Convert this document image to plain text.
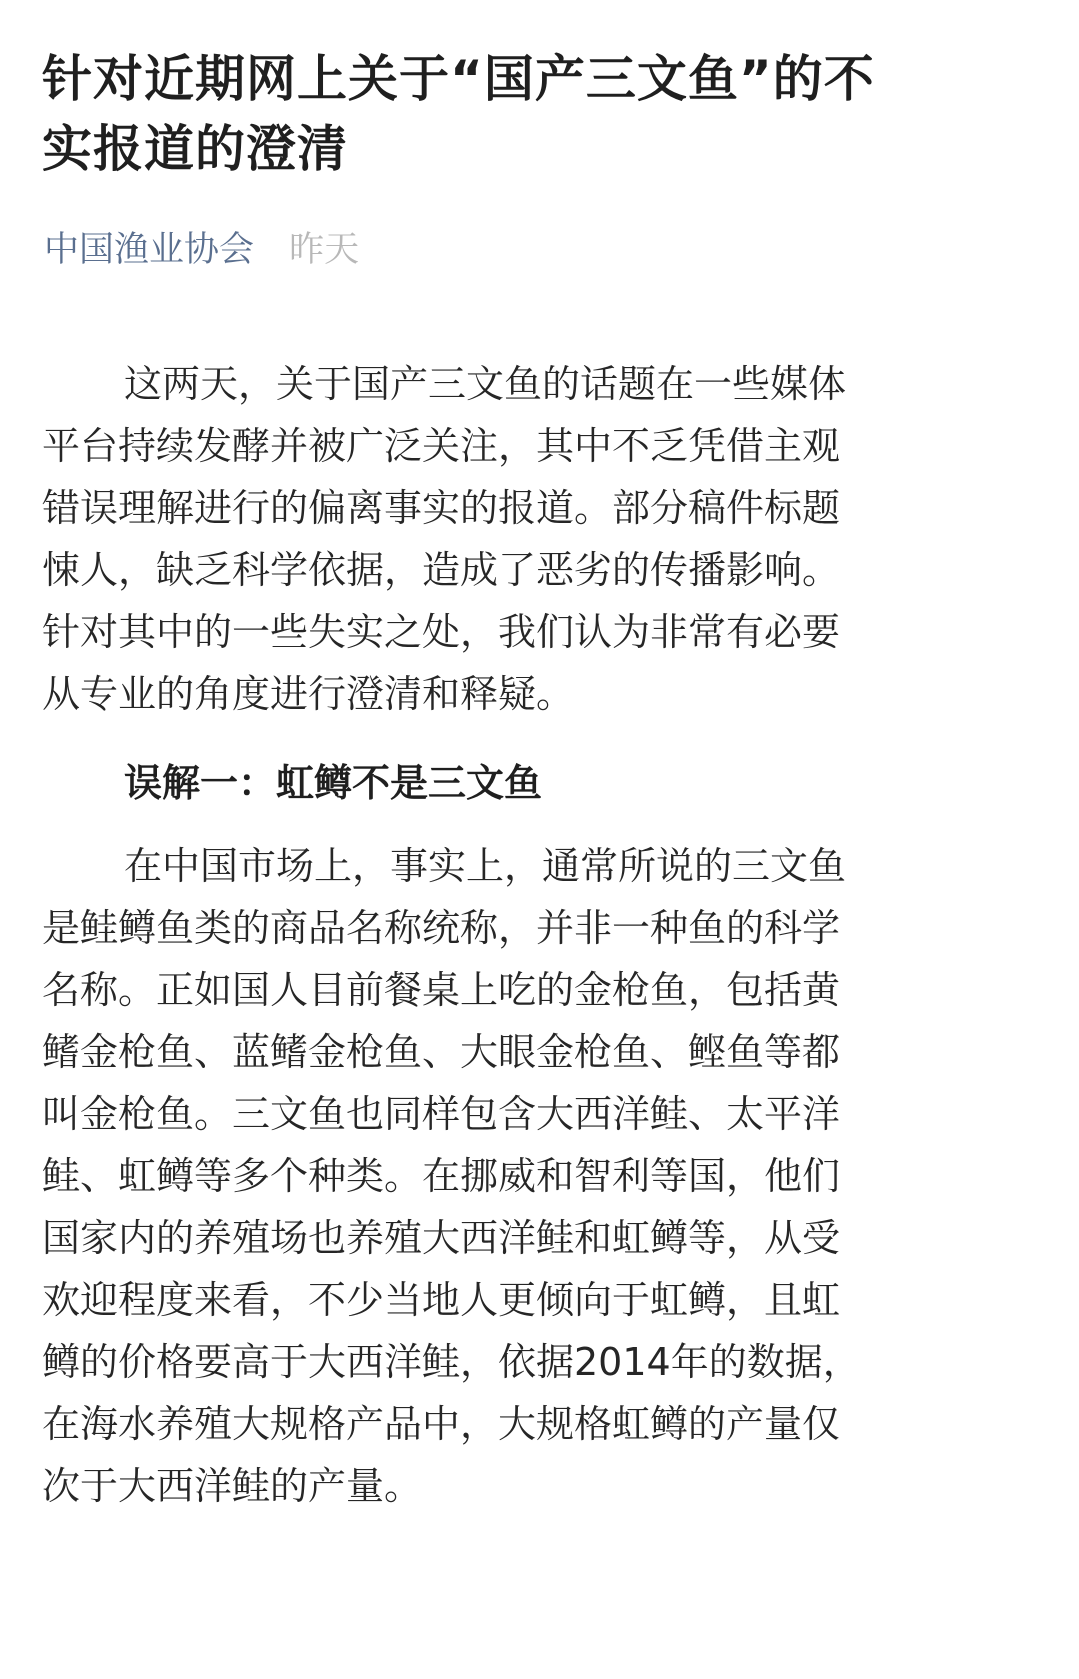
针对近期网上关于“国产三文鱼”的不
实报道的澄清
中国渔业协会 昨天
这两天，关于国产三文鱼的话题在一些媒体
平台持续发酵并被广泛关注，其中不乏凭借主观
错误理解进行的偏离事实的报道。部分稿件标题
悚人，缺乏科学依据，造成了恶劣的传播影响。
针对其中的一些失实之处，我们认为非常有必要
从专业的角度进行澄清和释疑。
误解一：虹鳟不是三文鱼
在中国市场上，事实上，通常所说的三文鱼
是鲑鳟鱼类的商品名称统称，并非一种鱼的科学
名称。正如国人目前餐桌上吃的金枪鱼，包括黄
鳍金枪鱼、蓝鳍金枪鱼、大眼金枪鱼、鲣鱼等都
叫金枪鱼。三文鱼也同样包含大西洋鲑、太平洋
鲑、虹鳟等多个种类。在挪威和智利等国，他们
国家内的养殖场也养殖大西洋鲑和虹鳟等，从受
欢迎程度来看，不少当地人更倾向于虹鳟，且虹
鳟的价格要高于大西洋鲑，依据2014年的数据，
在海水养殖大规格产品中，大规格虹鳟的产量仅
次于大西洋鲑的产量。
